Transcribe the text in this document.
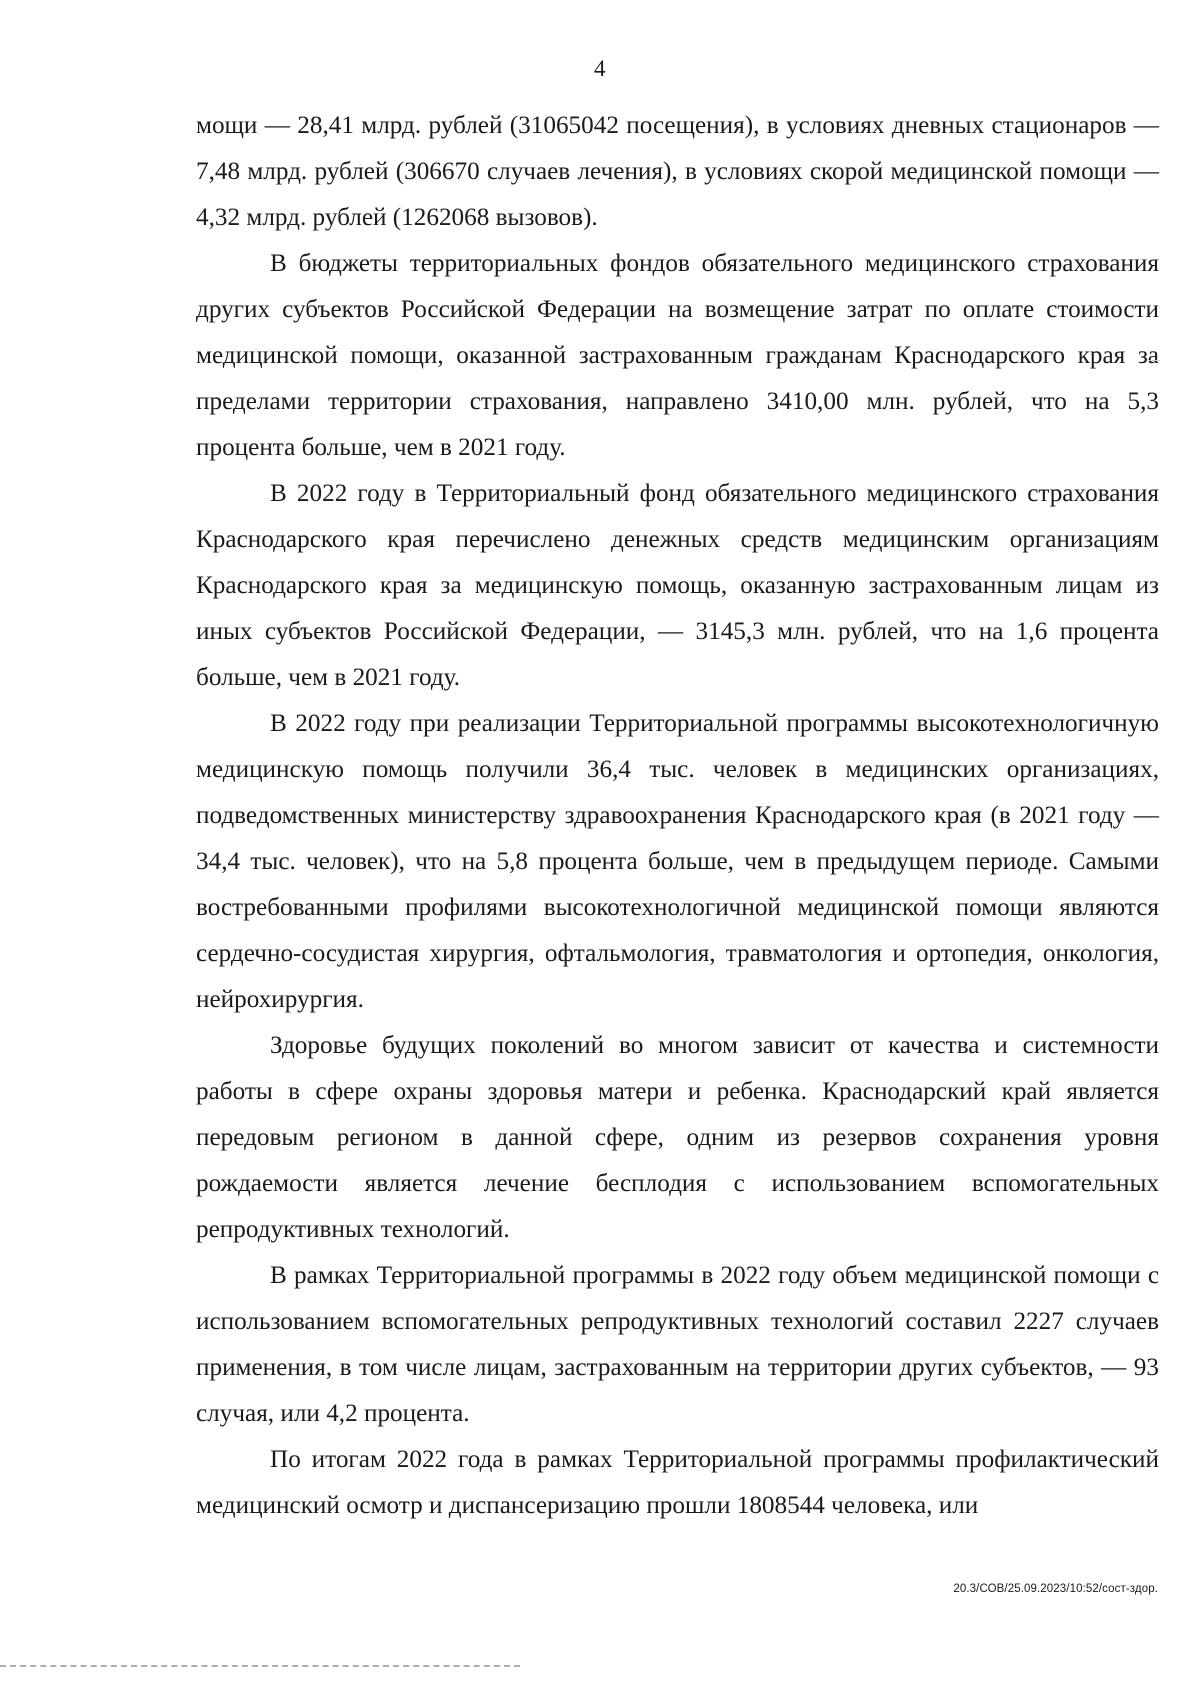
4

мощи — 28,41 млрд. рублей (31065042 посещения), в условиях дневных стационаров — 7,48 млрд. рублей (306670 случаев лечения), в условиях скорой медицинской помощи — 4,32 млрд. рублей (1262068 вызовов).

В бюджеты территориальных фондов обязательного медицинского страхования других субъектов Российской Федерации на возмещение затрат по оплате стоимости медицинской помощи, оказанной застрахованным гражданам Краснодарского края за пределами территории страхования, направлено 3410,00 млн. рублей, что на 5,3 процента больше, чем в 2021 году.

В 2022 году в Территориальный фонд обязательного медицинского страхования Краснодарского края перечислено денежных средств медицинским организациям Краснодарского края за медицинскую помощь, оказанную застрахованным лицам из иных субъектов Российской Федерации, — 3145,3 млн. рублей, что на 1,6 процента больше, чем в 2021 году.

В 2022 году при реализации Территориальной программы высокотехнологичную медицинскую помощь получили 36,4 тыс. человек в медицинских организациях, подведомственных министерству здравоохранения Краснодарского края (в 2021 году — 34,4 тыс. человек), что на 5,8 процента больше, чем в предыдущем периоде. Самыми востребованными профилями высокотехнологичной медицинской помощи являются сердечно-сосудистая хирургия, офтальмология, травматология и ортопедия, онкология, нейрохирургия.

Здоровье будущих поколений во многом зависит от качества и системности работы в сфере охраны здоровья матери и ребенка. Краснодарский край является передовым регионом в данной сфере, одним из резервов сохранения уровня рождаемости является лечение бесплодия с использованием вспомогательных репродуктивных технологий.

В рамках Территориальной программы в 2022 году объем медицинской помощи с использованием вспомогательных репродуктивных технологий составил 2227 случаев применения, в том числе лицам, застрахованным на территории других субъектов, — 93 случая, или 4,2 процента.

По итогам 2022 года в рамках Территориальной программы профилактический медицинский осмотр и диспансеризацию прошли 1808544 человека, или

20.3/СОВ/25.09.2023/10:52/сост-здор.
